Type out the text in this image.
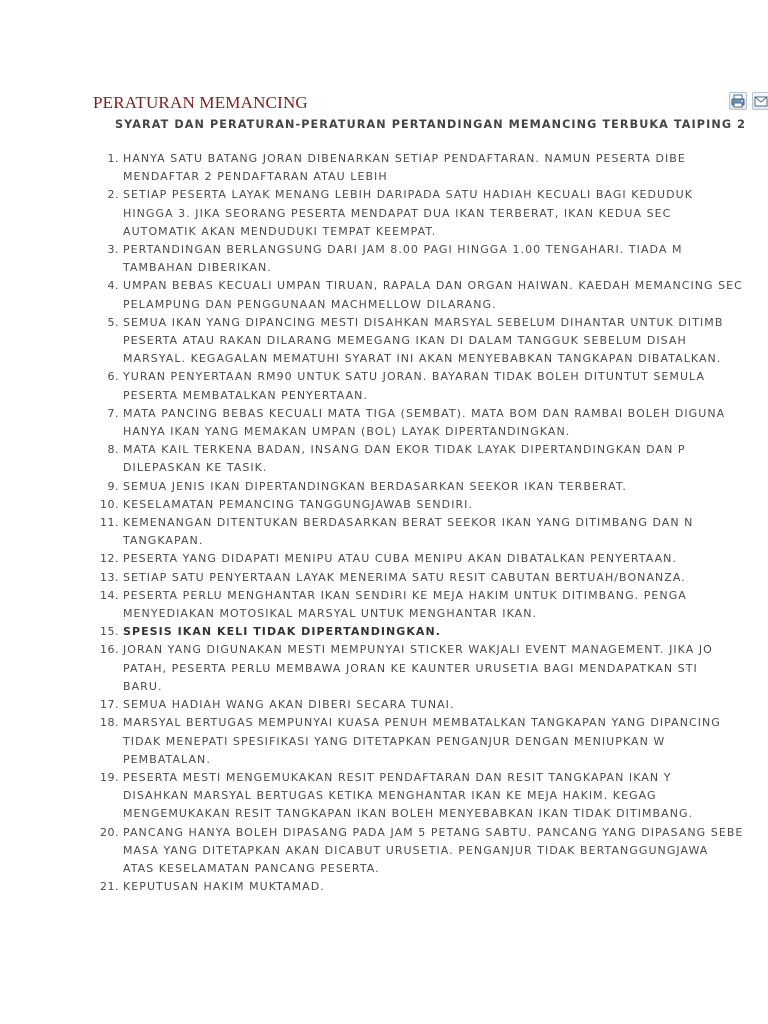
PERATURAN MEMANCING
SYARAT DAN PERATURAN-PERATURAN PERTANDINGAN MEMANCING TERBUKA TAIPING 2
1. HANYA SATU BATANG JORAN DIBENARKAN SETIAP PENDAFTARAN. NAMUN PESERTA DIBE
MENDAFTAR 2 PENDAFTARAN ATAU LEBIH
2. SETIAP PESERTA LAYAK MENANG LEBIH DARIPADA SATU HADIAH KECUALI BAGI KEDUDUK
HINGGA 3. JIKA SEORANG PESERTA MENDAPAT DUA IKAN TERBERAT, IKAN KEDUA SEC
AUTOMATIK AKAN MENDUDUKI TEMPAT KEEMPAT.
3. PERTANDINGAN BERLANGSUNG DARI JAM 8.00 PAGI HINGGA 1.00 TENGAHARI. TIADA M
TAMBAHAN DIBERIKAN.
4. UMPAN BEBAS KECUALI UMPAN TIRUAN, RAPALA DAN ORGAN HAIWAN. KAEDAH MEMANCING SEC
PELAMPUNG DAN PENGGUNAAN MACHMELLOW DILARANG.
5. SEMUA IKAN YANG DIPANCING MESTI DISAHKAN MARSYAL SEBELUM DIHANTAR UNTUK DITIMB
PESERTA ATAU RAKAN DILARANG MEMEGANG IKAN DI DALAM TANGGUK SEBELUM DISAH
MARSYAL. KEGAGALAN MEMATUHI SYARAT INI AKAN MENYEBABKAN TANGKAPAN DIBATALKAN.
6. YURAN PENYERTAAN RM90 UNTUK SATU JORAN. BAYARAN TIDAK BOLEH DITUNTUT SEMULA
PESERTA MEMBATALKAN PENYERTAAN.
7. MATA PANCING BEBAS KECUALI MATA TIGA (SEMBAT). MATA BOM DAN RAMBAI BOLEH DIGUNA
HANYA IKAN YANG MEMAKAN UMPAN (BOL) LAYAK DIPERTANDINGKAN.
8. MATA KAIL TERKENA BADAN, INSANG DAN EKOR TIDAK LAYAK DIPERTANDINGKAN DAN P
DILEPASKAN KE TASIK.
9. SEMUA JENIS IKAN DIPERTANDINGKAN BERDASARKAN SEEKOR IKAN TERBERAT.
10. KESELAMATAN PEMANCING TANGGUNGJAWAB SENDIRI.
11. KEMENANGAN DITENTUKAN BERDASARKAN BERAT SEEKOR IKAN YANG DITIMBANG DAN N
TANGKAPAN.
12. PESERTA YANG DIDAPATI MENIPU ATAU CUBA MENIPU AKAN DIBATALKAN PENYERTAAN.
13. SETIAP SATU PENYERTAAN LAYAK MENERIMA SATU RESIT CABUTAN BERTUAH/BONANZA.
14. PESERTA PERLU MENGHANTAR IKAN SENDIRI KE MEJA HAKIM UNTUK DITIMBANG. PENGA
MENYEDIAKAN MOTOSIKAL MARSYAL UNTUK MENGHANTAR IKAN.
15. SPESIS IKAN KELI TIDAK DIPERTANDINGKAN.
16. JORAN YANG DIGUNAKAN MESTI MEMPUNYAI STICKER WAKJALI EVENT MANAGEMENT. JIKA JO
PATAH, PESERTA PERLU MEMBAWA JORAN KE KAUNTER URUSETIA BAGI MENDAPATKAN STI
BARU.
17. SEMUA HADIAH WANG AKAN DIBERI SECARA TUNAI.
18. MARSYAL BERTUGAS MEMPUNYAI KUASA PENUH MEMBATALKAN TANGKAPAN YANG DIPANCING
TIDAK MENEPATI SPESIFIKASI YANG DITETAPKAN PENGANJUR DENGAN MENIUPKAN W
PEMBATALAN.
19. PESERTA MESTI MENGEMUKAKAN RESIT PENDAFTARAN DAN RESIT TANGKAPAN IKAN Y
DISAHKAN MARSYAL BERTUGAS KETIKA MENGHANTAR IKAN KE MEJA HAKIM. KEGAG
MENGEMUKAKAN RESIT TANGKAPAN IKAN BOLEH MENYEBABKAN IKAN TIDAK DITIMBANG.
20. PANCANG HANYA BOLEH DIPASANG PADA JAM 5 PETANG SABTU. PANCANG YANG DIPASANG SEBE
MASA YANG DITETAPKAN AKAN DICABUT URUSETIA. PENGANJUR TIDAK BERTANGGUNGJAWA
ATAS KESELAMATAN PANCANG PESERTA.
21. KEPUTUSAN HAKIM MUKTAMAD.
